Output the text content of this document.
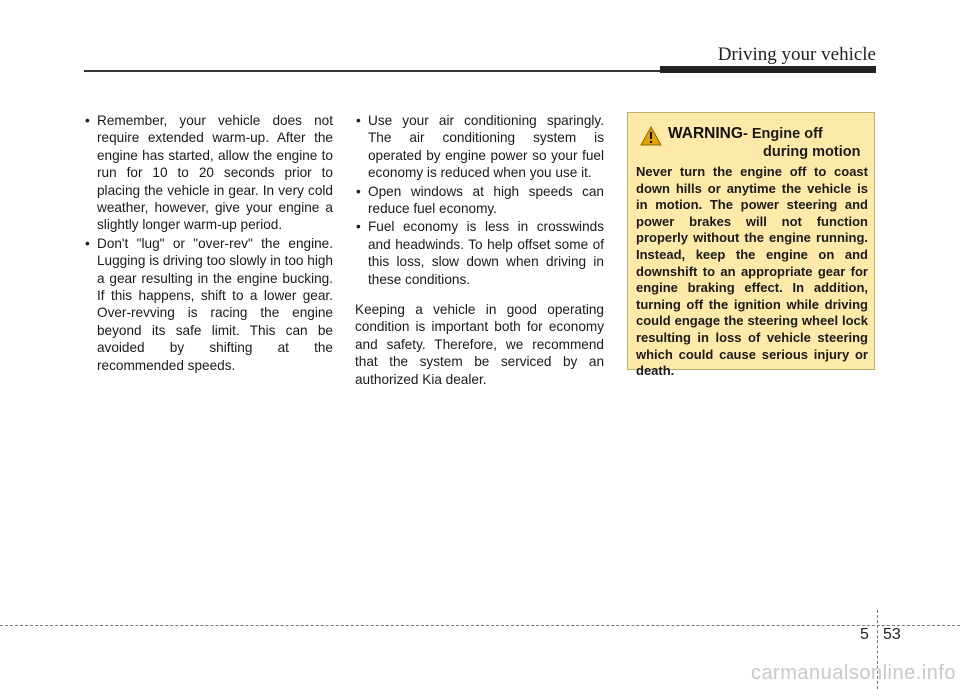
Driving your vehicle
• Remember, your vehicle does not require extended warm-up. After the engine has started, allow the engine to run for 10 to 20 seconds prior to placing the vehicle in gear. In very cold weather, however, give your engine a slightly longer warm-up period.
• Don't "lug" or "over-rev" the engine. Lugging is driving too slowly in too high a gear resulting in the engine bucking. If this happens, shift to a lower gear. Over-revving is racing the engine beyond its safe limit. This can be avoided by shifting at the recommended speeds.
• Use your air conditioning sparingly. The air conditioning system is operated by engine power so your fuel economy is reduced when you use it.
• Open windows at high speeds can reduce fuel economy.
• Fuel economy is less in crosswinds and headwinds. To help offset some of this loss, slow down when driving in these conditions.

Keeping a vehicle in good operating condition is important both for economy and safety. Therefore, we recommend that the system be serviced by an authorized Kia dealer.

WARNING - Engine off
during motion
Never turn the engine off to coast down hills or anytime the vehicle is in motion. The power steering and power brakes will not function properly without the engine running. Instead, keep the engine on and downshift to an appropriate gear for engine braking effect. In addition, turning off the ignition while driving could engage the steering wheel lock resulting in loss of vehicle steering which could cause serious injury or death.
5 53
carmanualsonline.info
